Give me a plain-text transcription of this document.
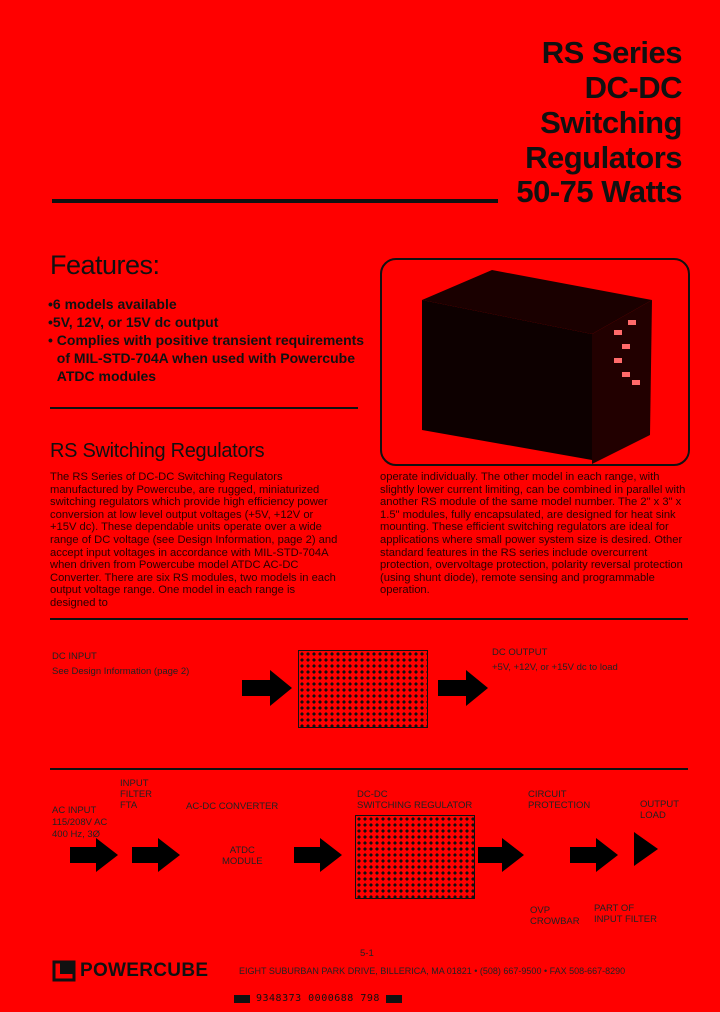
RS Series
DC-DC
Switching
Regulators
50-75 Watts
Features:
• 6 models available
• 5V, 12V, or 15V dc output
• Complies with positive transient requirements of MIL-STD-704A when used with Powercube ATDC modules
RS Switching Regulators
The RS Series of DC-DC Switching Regulators manufactured by Powercube, are rugged, miniaturized switching regulators which provide high efficiency power conversion at low level output voltages (+5V, +12V or +15V dc). These dependable units operate over a wide range of DC voltage (see Design Information, page 2) and accept input voltages in accordance with MIL-STD-704A when driven from Powercube model ATDC AC-DC Converter. There are six RS modules, two models in each output voltage range. One model in each range is designed to
operate individually. The other model in each range, with slightly lower current limiting, can be combined in parallel with another RS module of the same model number. The 2" x 3" x 1.5" modules, fully encapsulated, are designed for heat sink mounting. These efficient switching regulators are ideal for applications where small power system size is desired. Other standard features in the RS series include overcurrent protection, overvoltage protection, polarity reversal protection (using shunt diode), remote sensing and programmable operation.
DC INPUT
See Design Information (page 2)
DC OUTPUT
+5V, +12V, or +15V dc to load
AC INPUT
115/208V AC
400 Hz, 3Ø
INPUT
FILTER
FTA	AC-DC CONVERTER
ATDC
MODULE
DC-DC
SWITCHING REGULATOR
CIRCUIT
PROTECTION	OUTPUT
LOAD
OVP
CROWBAR
PART OF
INPUT FILTER
5-1
POWERCUBE	EIGHT SUBURBAN PARK DRIVE, BILLERICA, MA 01821 • (508) 667-9500 • FAX 508-667-8290
9348373 0000688 798
